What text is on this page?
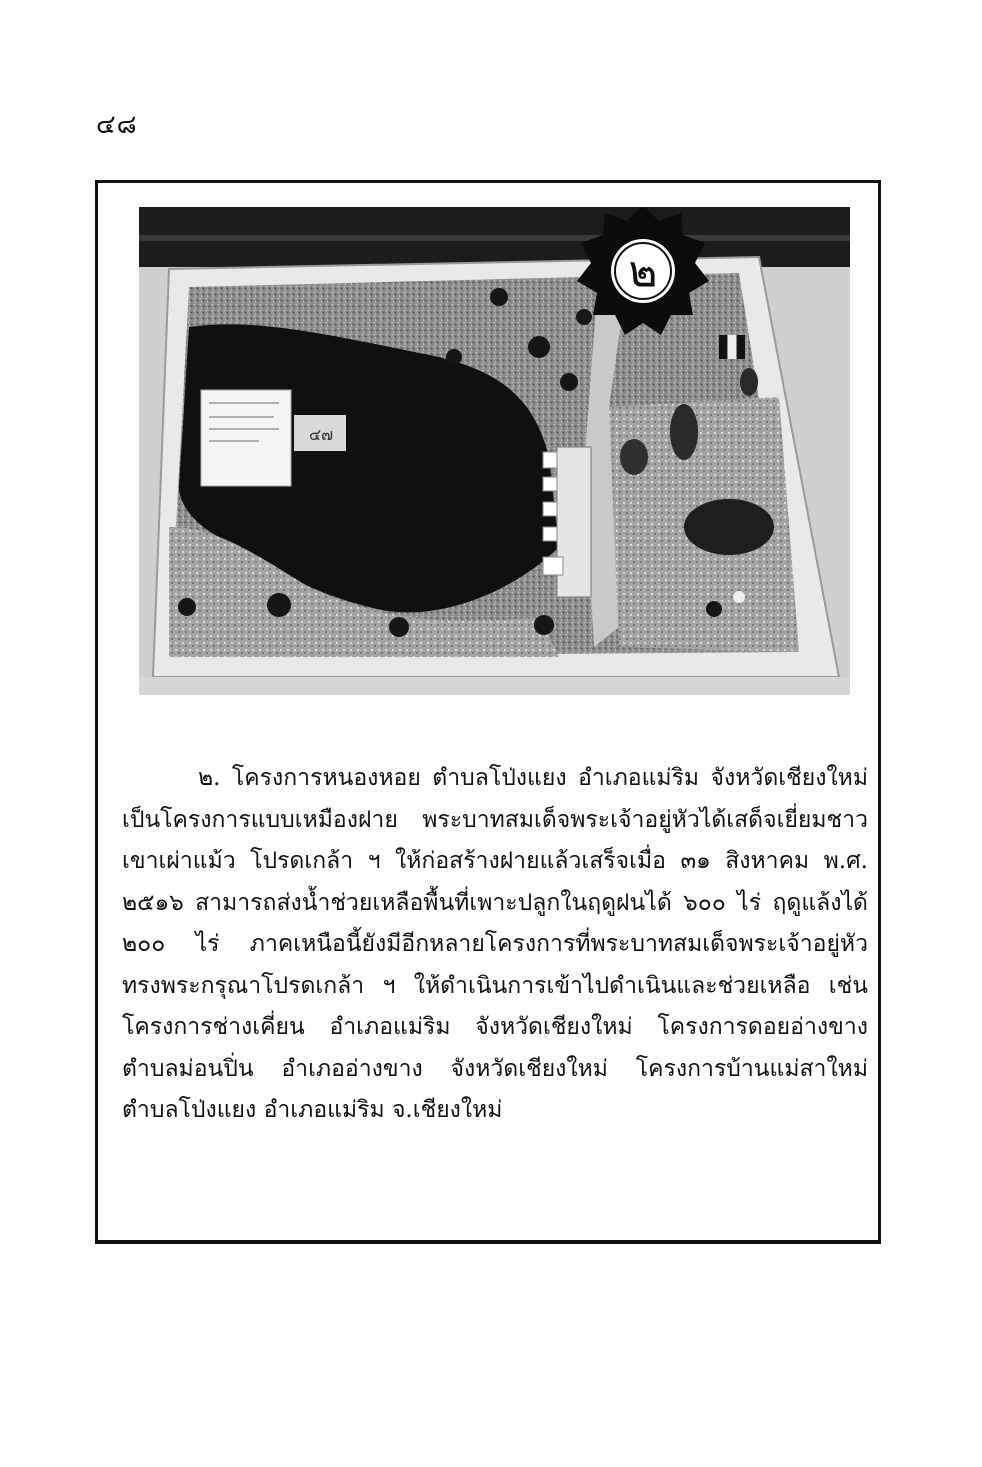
๔๘
๔๗
๒

๒. โครงการหนองหอย ตำบลโป่งแยง อำเภอแม่ริม จังหวัดเชียงใหม่ เป็นโครงการแบบเหมืองฝาย พระบาทสมเด็จพระเจ้าอยู่หัวได้เสด็จเยี่ยมชาวเขาเผ่าแม้ว โปรดเกล้า ฯ ให้ก่อสร้างฝายแล้วเสร็จเมื่อ ๓๑ สิงหาคม พ.ศ. ๒๕๑๖ สามารถส่งน้ำช่วยเหลือพื้นที่เพาะปลูกในฤดูฝนได้ ๖๐๐ ไร่ ฤดูแล้งได้ ๒๐๐ ไร่ ภาคเหนือนี้ยังมีอีกหลายโครงการที่พระบาทสมเด็จพระเจ้าอยู่หัว ทรงพระกรุณาโปรดเกล้า ฯ ให้ดำเนินการเข้าไปดำเนินและช่วยเหลือ เช่น โครงการช่างเคี่ยน อำเภอแม่ริม จังหวัดเชียงใหม่ โครงการดอยอ่างขาง ตำบลม่อนปิ่น อำเภออ่างขาง จังหวัดเชียงใหม่ โครงการบ้านแม่สาใหม่ ตำบลโป่งแยง อำเภอแม่ริม จ.เชียงใหม่
